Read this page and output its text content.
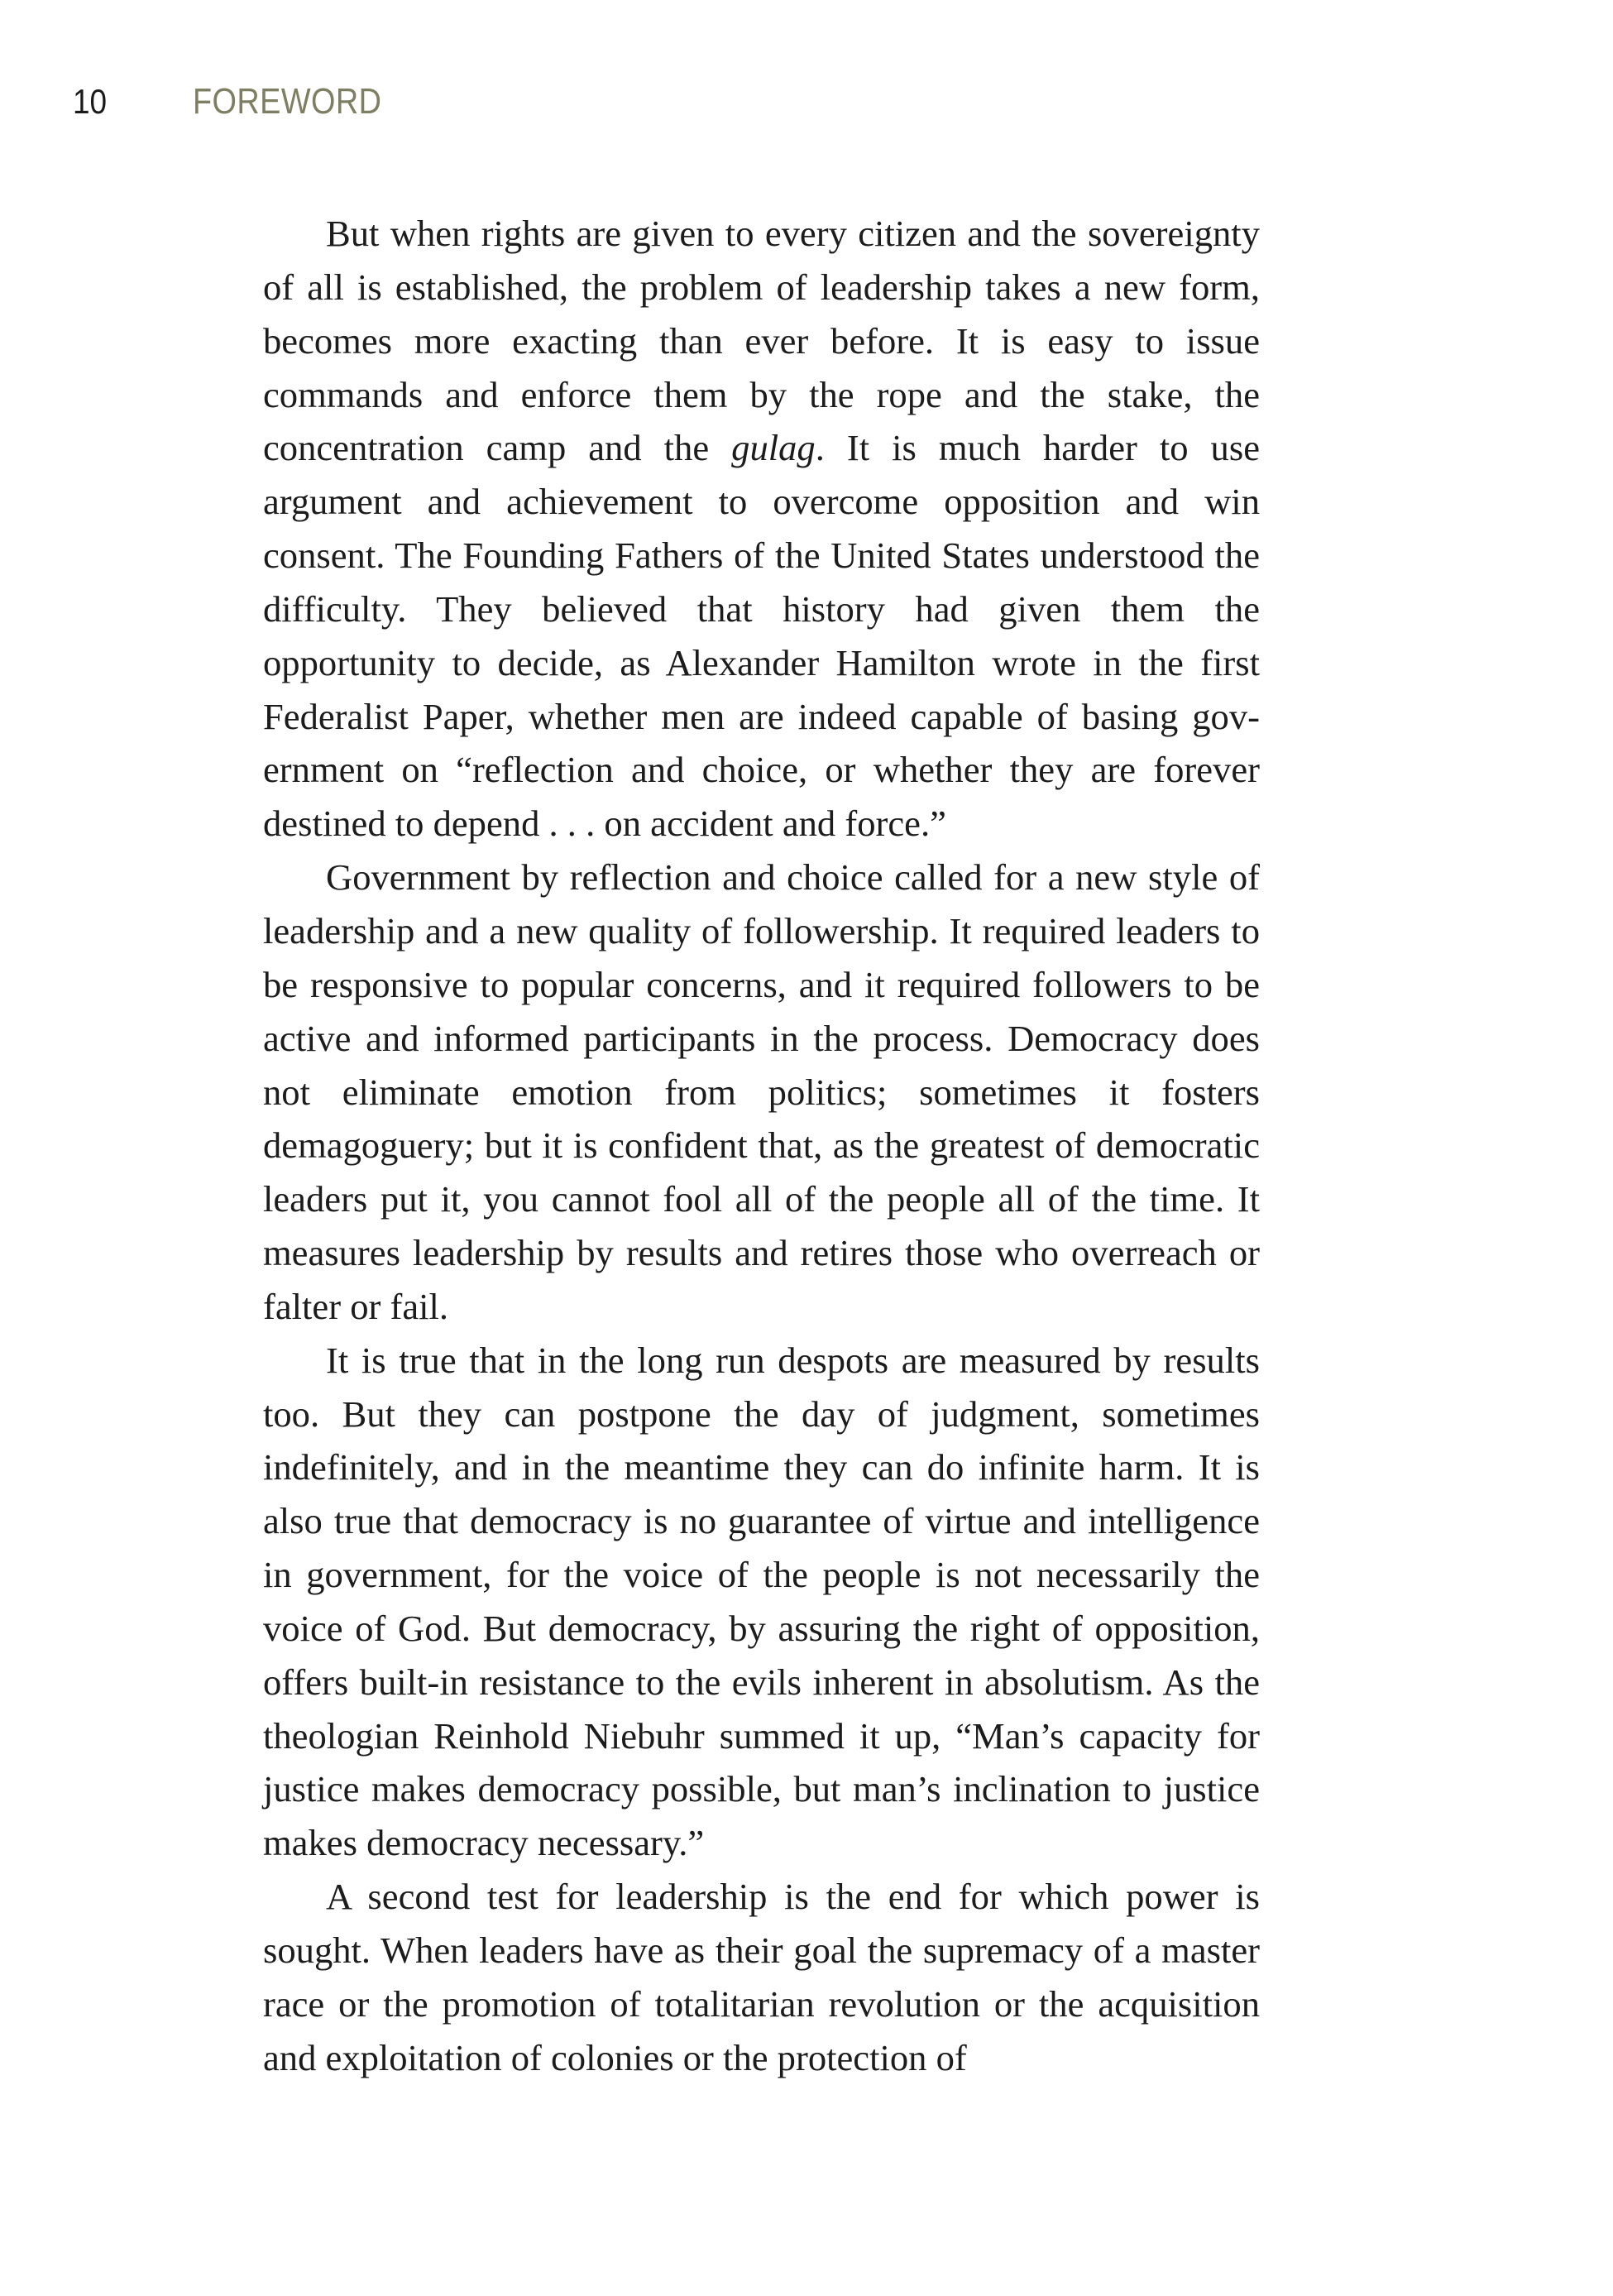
10 FOREWORD

But when rights are given to every citizen and the sovereignty of all is established, the problem of leadership takes a new form, becomes more exacting than ever before. It is easy to issue commands and enforce them by the rope and the stake, the concentration camp and the gulag. It is much harder to use argument and achievement to overcome opposition and win consent. The Founding Fathers of the United States understood the difficulty. They believed that history had given them the opportunity to decide, as Alexander Hamilton wrote in the first Federalist Paper, whether men are indeed capable of basing government on “reflection and choice, or whether they are forever destined to depend . . . on accident and force.”

Government by reflection and choice called for a new style of leadership and a new quality of followership. It required leaders to be responsive to popular concerns, and it required followers to be active and informed participants in the process. Democracy does not eliminate emotion from politics; sometimes it fosters demagoguery; but it is confident that, as the greatest of democratic leaders put it, you cannot fool all of the people all of the time. It measures leadership by results and retires those who overreach or falter or fail.

It is true that in the long run despots are measured by results too. But they can postpone the day of judgment, sometimes indefinitely, and in the meantime they can do infinite harm. It is also true that democracy is no guarantee of virtue and intelligence in government, for the voice of the people is not necessarily the voice of God. But democracy, by assuring the right of opposition, offers built-in resistance to the evils inherent in absolutism. As the theologian Reinhold Niebuhr summed it up, “Man’s capacity for justice makes democracy possible, but man’s inclination to justice makes democracy necessary.”

A second test for leadership is the end for which power is sought. When leaders have as their goal the supremacy of a master race or the promotion of totalitarian revolution or the acquisition and exploitation of colonies or the protection of
